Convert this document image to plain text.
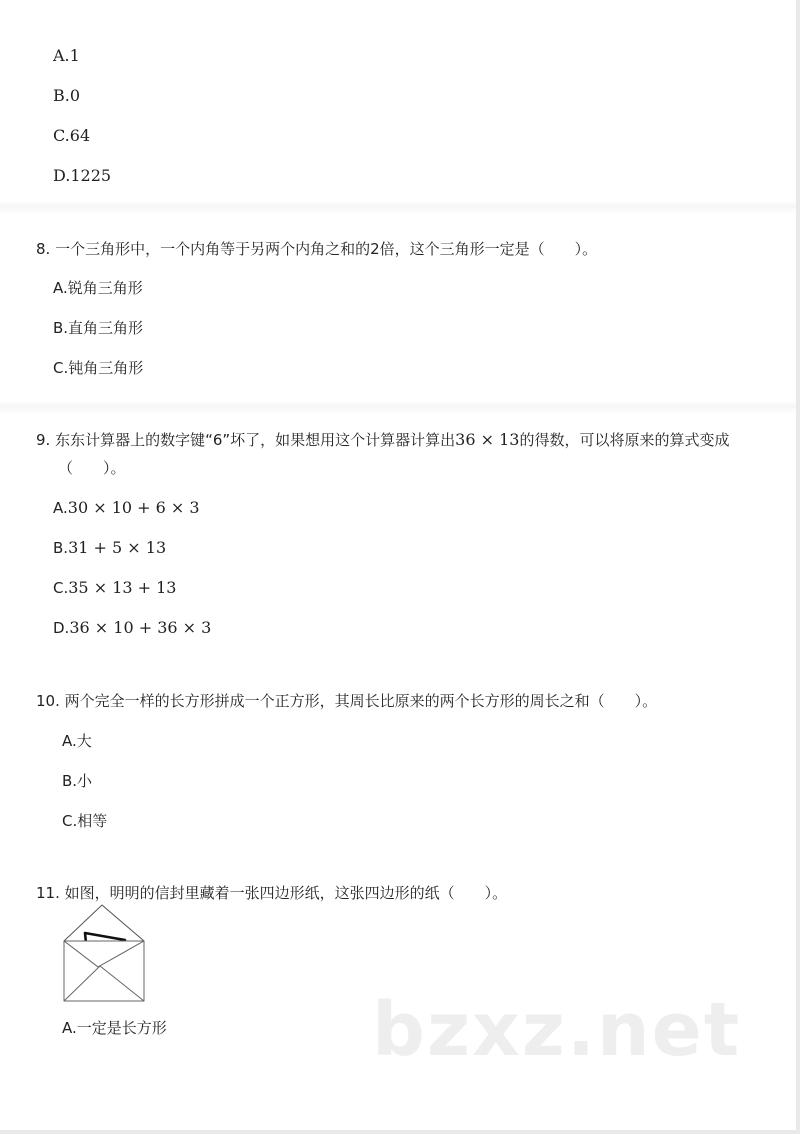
A.1
B.0
C.64
D.1225
8. 一个三角形中，一个内角等于另两个内角之和的2倍，这个三角形一定是（　　）。
A.锐角三角形
B.直角三角形
C.钝角三角形
9. 东东计算器上的数字键“6”坏了，如果想用这个计算器计算出36 × 13的得数，可以将原来的算式变成
（　　）。
A.30 × 10 + 6 × 3
B.31 + 5 × 13
C.35 × 13 + 13
D.36 × 10 + 36 × 3
10. 两个完全一样的长方形拼成一个正方形，其周长比原来的两个长方形的周长之和（　　）。
A.大
B.小
C.相等
11. 如图，明明的信封里藏着一张四边形纸，这张四边形的纸（　　）。
A.一定是长方形	bzxz.net
